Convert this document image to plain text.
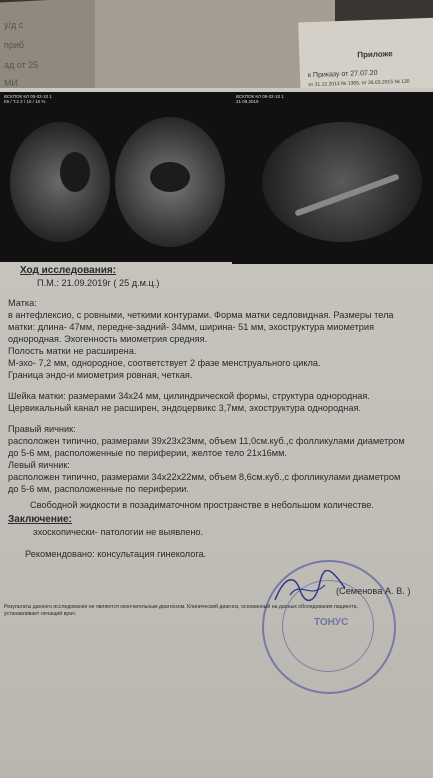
Приложе
к Приказу от 27.07.20
от 31.12.2013 № 1365, от 26.03.2015 № 130
у/д с
приб
ад от 25
МИ
ВСКПОК КЛ 05-02-10 1
К5 / Т.2 2 / 10 / 10 %
ВСКПОК КЛ 05-02-10 1
21.09.2019
Ход исследования:
П.М.: 21.09.2019г ( 25 д.м.ц.)
Матка:
в антефлексио, с ровными, четкими контурами. Форма матки седловидная. Размеры тела
матки: длина- 47мм, передне-задний- 34мм, ширина- 51 мм, эхоструктура миометрия
однородная. Эхогенность миометрия средняя.
Полость матки не расширена.
М-эхо- 7,2 мм, однородное, соответствует 2 фазе менструального цикла.
Граница эндо-и миометрия ровная, четкая.
Шейка матки: размерами 34х24 мм, цилиндрической формы, структура однородная.
Цервикальный канал не расширен, эндоцервикс 3,7мм, эхоструктура однородная.
Правый яичник:
расположен типично, размерами 39х23х23мм, объем 11,0см.куб.,с фолликулами диаметром
до 5-6 мм, расположенные по периферии, желтое тело 21х16мм.
Левый яичник:
расположен типично, размерами 34х22х22мм, объем 8,6см.куб.,с фолликулами диаметром
до 5-6 мм, расположенные по периферии.
Свободной жидкости в позадиматочном пространстве в небольшом количестве.
Заключение:
эхоскопически- патологии не выявлено.
Рекомендовано: консультация гинеколога.
ТОНУС
(Семенова А. В. )
Результаты данного исследования не являются окончательным диагнозом. Клинический диагноз, основанный на данных обследования пациента,
устанавливает лечащий врач.
